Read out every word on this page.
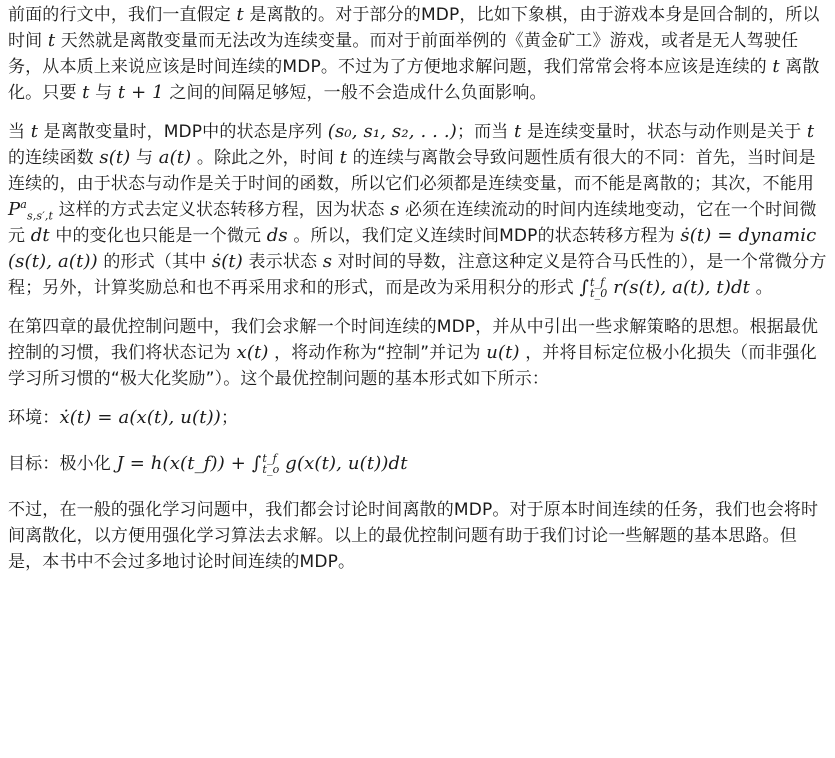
前面的行文中，我们一直假定 t 是离散的。对于部分的MDP，比如下象棋，由于游戏本身是回合制的，所以时间 t 天然就是离散变量而无法改为连续变量。而对于前面举例的《黄金矿工》游戏，或者是无人驾驶任务，从本质上来说应该是时间连续的MDP。不过为了方便地求解问题，我们常常会将本应该是连续的 t 离散化。只要 t 与 t + 1 之间的间隔足够短，一般不会造成什么负面影响。

当 t 是离散变量时，MDP中的状态是序列 (s₀, s₁, s₂, . . .)；而当 t 是连续变量时，状态与动作则是关于 t 的连续函数 s(t) 与 a(t) 。除此之外，时间 t 的连续与离散会导致问题性质有很大的不同：首先，当时间是连续的，由于状态与动作是关于时间的函数，所以它们必须都是连续变量，而不能是离散的；其次，不能用 $P^a_{s,s',t}$ 这样的方式去定义状态转移方程，因为状态 s 必须在连续流动的时间内连续地变动，它在一个时间微元 dt 中的变化也只能是一个微元 ds 。所以，我们定义连续时间MDP的状态转移方程为 ṡ(t) = dynamic(s(t), a(t)) 的形式（其中 ṡ(t) 表示状态 s 对时间的导数，注意这种定义是符合马氏性的），是一个常微分方程；另外，计算奖励总和也不再采用求和的形式，而是改为采用积分的形式 ∫ t_f
t_0 r(s(t), a(t), t)dt 。

在第四章的最优控制问题中，我们会求解一个时间连续的MDP，并从中引出一些求解策略的思想。根据最优控制的习惯，我们将状态记为 x(t) ，将动作称为“控制”并记为 u(t) ，并将目标定位极小化损失（而非强化学习所习惯的“极大化奖励”）。这个最优控制问题的基本形式如下所示：

环境：ẋ(t) = a(x(t), u(t))；

目标：极小化 J = h(x(t_f)) + ∫ t_f
t_o g(x(t), u(t))dt

不过，在一般的强化学习问题中，我们都会讨论时间离散的MDP。对于原本时间连续的任务，我们也会将时间离散化，以方便用强化学习算法去求解。以上的最优控制问题有助于我们讨论一些解题的基本思路。但是，本书中不会过多地讨论时间连续的MDP。
